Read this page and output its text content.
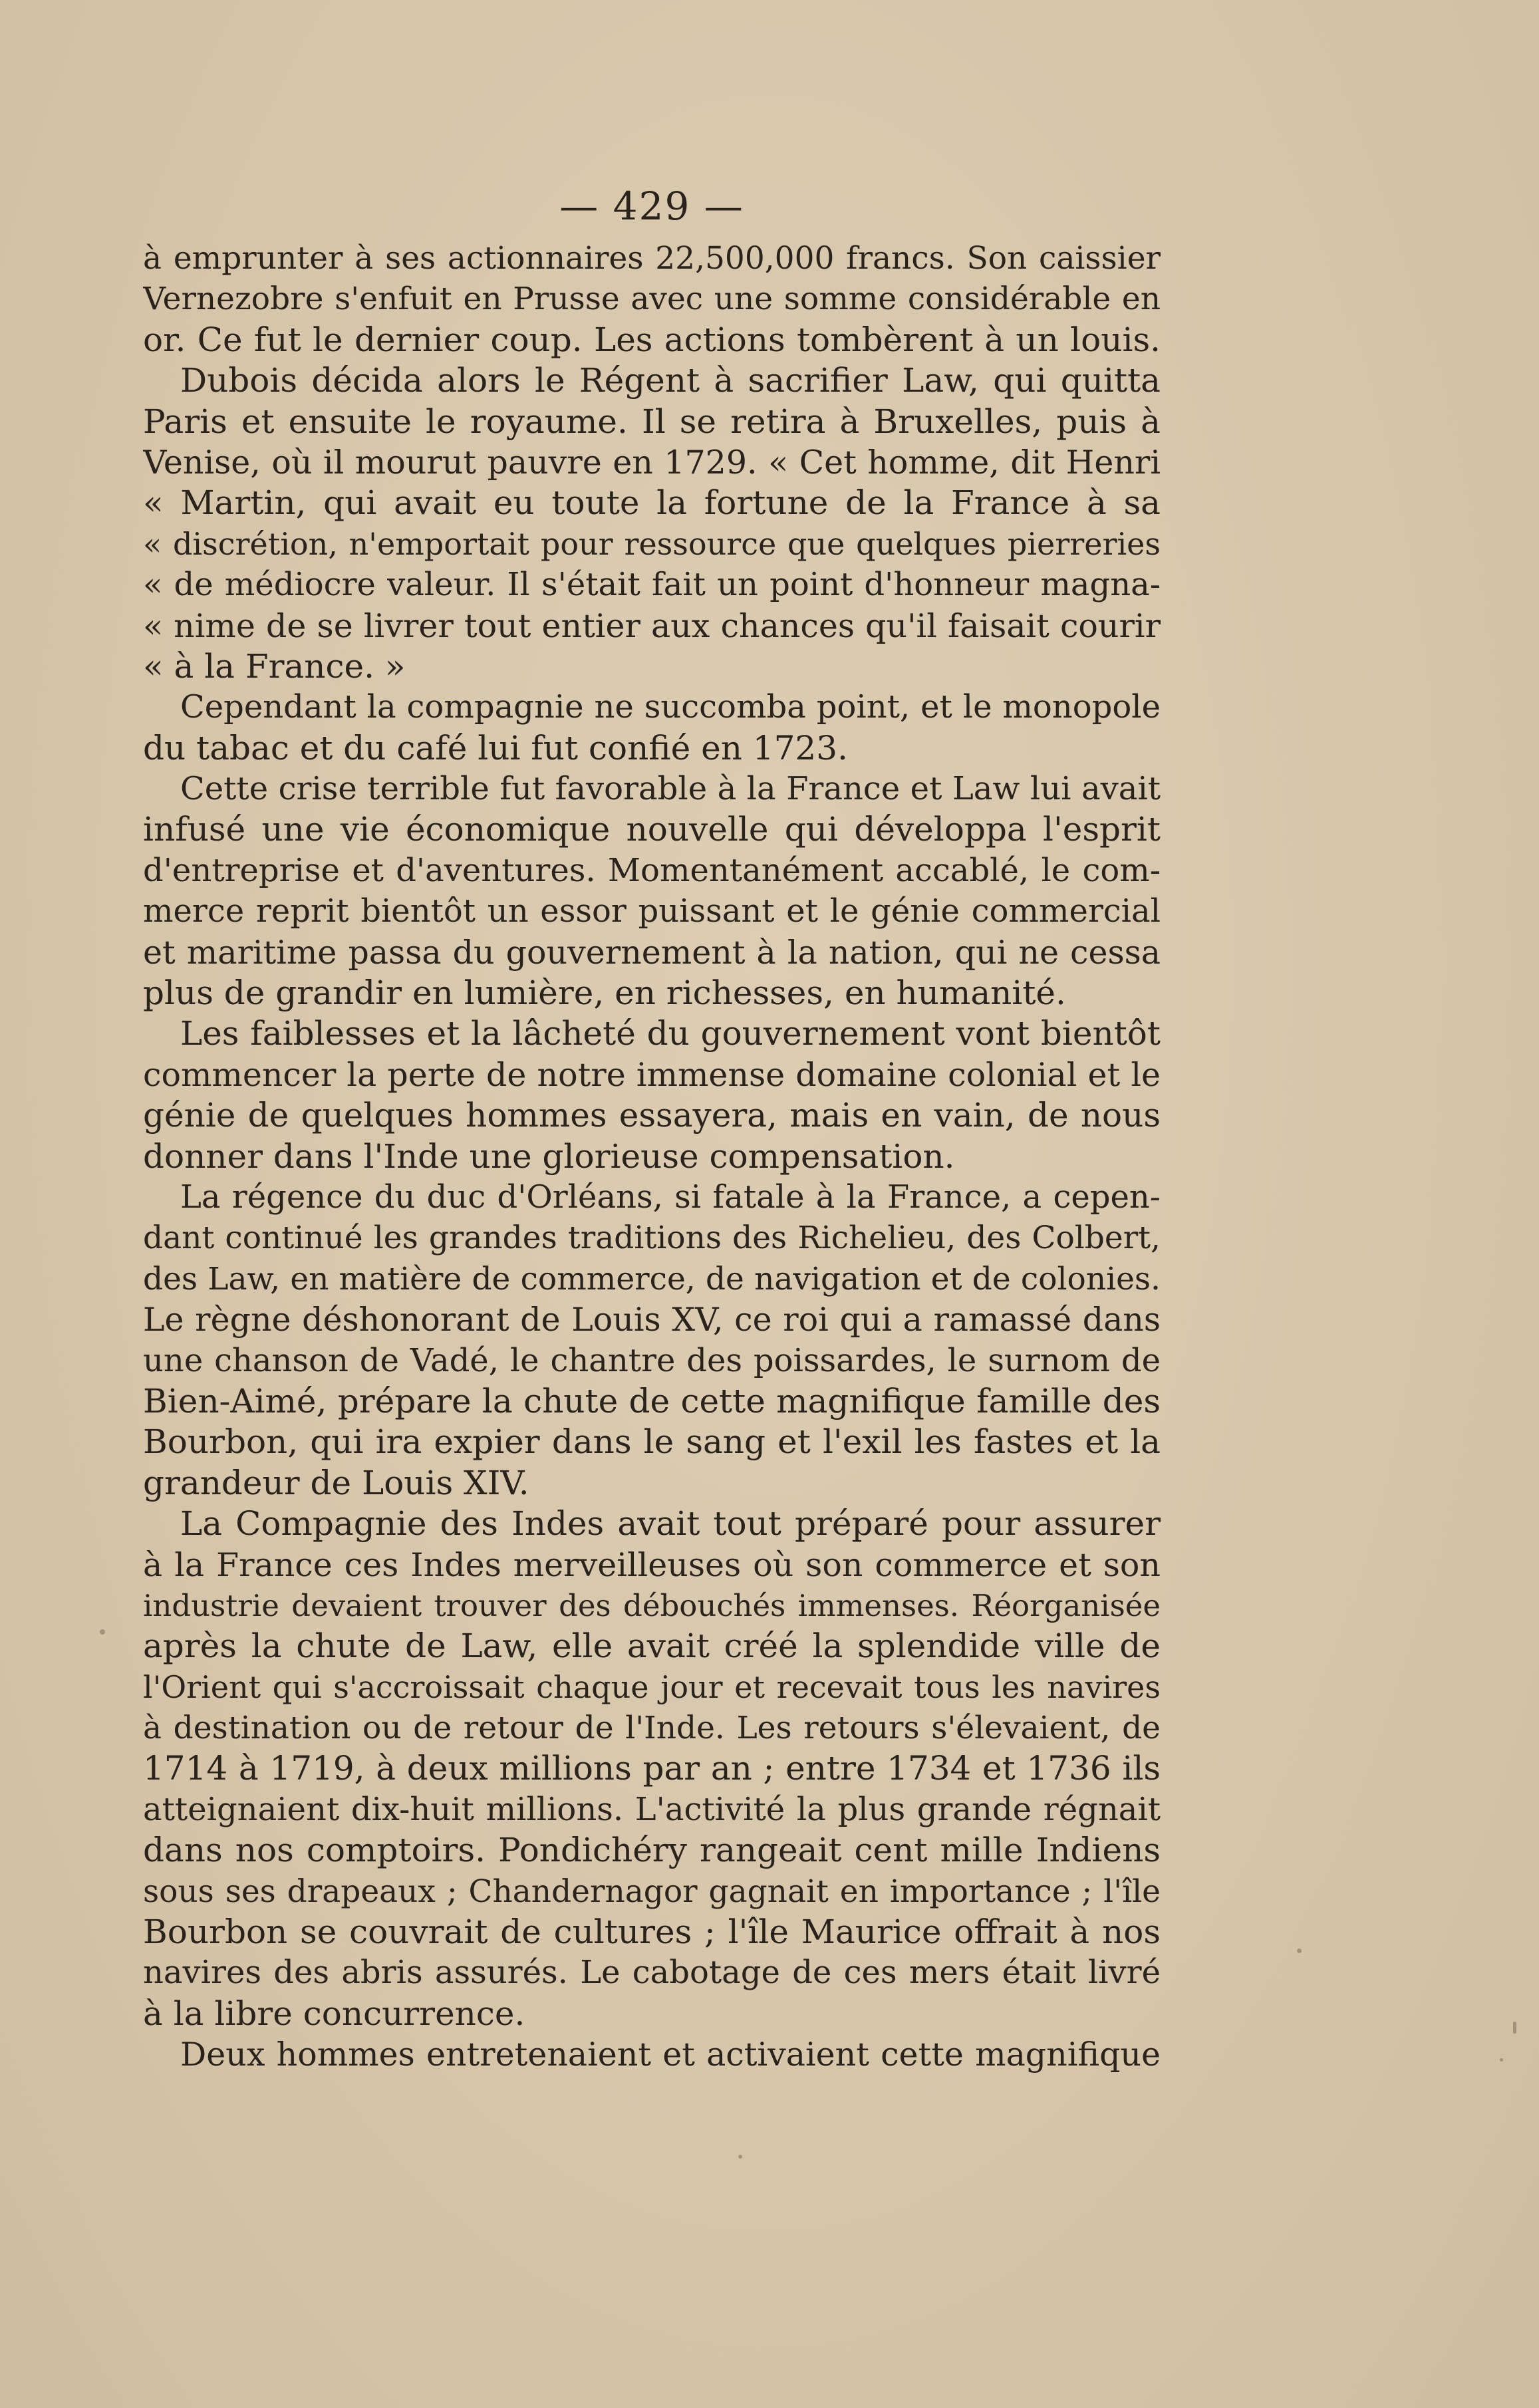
— 429 —
à emprunter à ses actionnaires 22,500,000 francs. Son caissier
Vernezobre s'enfuit en Prusse avec une somme considérable en
or. Ce fut le dernier coup. Les actions tombèrent à un louis.
Dubois décida alors le Régent à sacrifier Law, qui quitta
Paris et ensuite le royaume. Il se retira à Bruxelles, puis à
Venise, où il mourut pauvre en 1729. « Cet homme, dit Henri
« Martin, qui avait eu toute la fortune de la France à sa
« discrétion, n'emportait pour ressource que quelques pierreries
« de médiocre valeur. Il s'était fait un point d'honneur magna-
« nime de se livrer tout entier aux chances qu'il faisait courir
« à la France. »
Cependant la compagnie ne succomba point, et le monopole
du tabac et du café lui fut confié en 1723.
Cette crise terrible fut favorable à la France et Law lui avait
infusé une vie économique nouvelle qui développa l'esprit
d'entreprise et d'aventures. Momentanément accablé, le com-
merce reprit bientôt un essor puissant et le génie commercial
et maritime passa du gouvernement à la nation, qui ne cessa
plus de grandir en lumière, en richesses, en humanité.
Les faiblesses et la lâcheté du gouvernement vont bientôt
commencer la perte de notre immense domaine colonial et le
génie de quelques hommes essayera, mais en vain, de nous
donner dans l'Inde une glorieuse compensation.
La régence du duc d'Orléans, si fatale à la France, a cepen-
dant continué les grandes traditions des Richelieu, des Colbert,
des Law, en matière de commerce, de navigation et de colonies.
Le règne déshonorant de Louis XV, ce roi qui a ramassé dans
une chanson de Vadé, le chantre des poissardes, le surnom de
Bien-Aimé, prépare la chute de cette magnifique famille des
Bourbon, qui ira expier dans le sang et l'exil les fastes et la
grandeur de Louis XIV.
La Compagnie des Indes avait tout préparé pour assurer
à la France ces Indes merveilleuses où son commerce et son
industrie devaient trouver des débouchés immenses. Réorganisée
après la chute de Law, elle avait créé la splendide ville de
l'Orient qui s'accroissait chaque jour et recevait tous les navires
à destination ou de retour de l'Inde. Les retours s'élevaient, de
1714 à 1719, à deux millions par an ; entre 1734 et 1736 ils
atteignaient dix-huit millions. L'activité la plus grande régnait
dans nos comptoirs. Pondichéry rangeait cent mille Indiens
sous ses drapeaux ; Chandernagor gagnait en importance ; l'île
Bourbon se couvrait de cultures ; l'île Maurice offrait à nos
navires des abris assurés. Le cabotage de ces mers était livré
à la libre concurrence.
Deux hommes entretenaient et activaient cette magnifique
